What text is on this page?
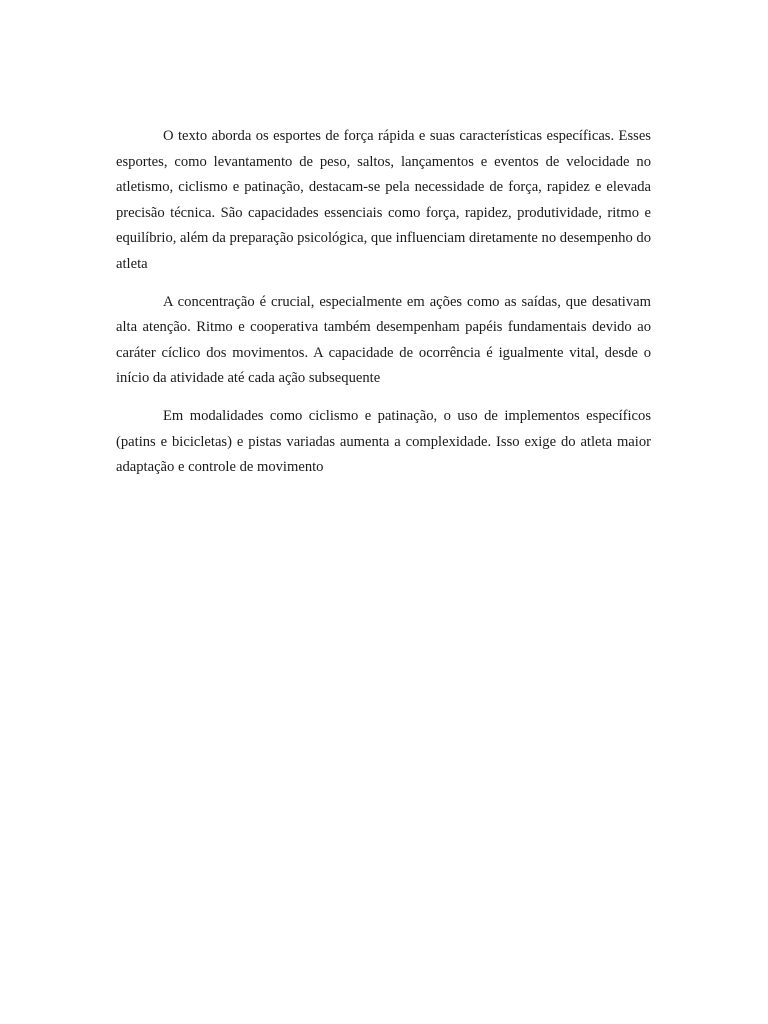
O texto aborda os esportes de força rápida e suas características específicas. Esses esportes, como levantamento de peso, saltos, lançamentos e eventos de velocidade no atletismo, ciclismo e patinação, destacam-se pela necessidade de força, rapidez e elevada precisão técnica. São capacidades essenciais como força, rapidez, produtividade, ritmo e equilíbrio, além da preparação psicológica, que influenciam diretamente no desempenho do atleta

A concentração é crucial, especialmente em ações como as saídas, que desativam alta atenção. Ritmo e cooperativa também desempenham papéis fundamentais devido ao caráter cíclico dos movimentos. A capacidade de ocorrência é igualmente vital, desde o início da atividade até cada ação subsequente

Em modalidades como ciclismo e patinação, o uso de implementos específicos (patins e bicicletas) e pistas variadas aumenta a complexidade. Isso exige do atleta maior adaptação e controle de movimento
